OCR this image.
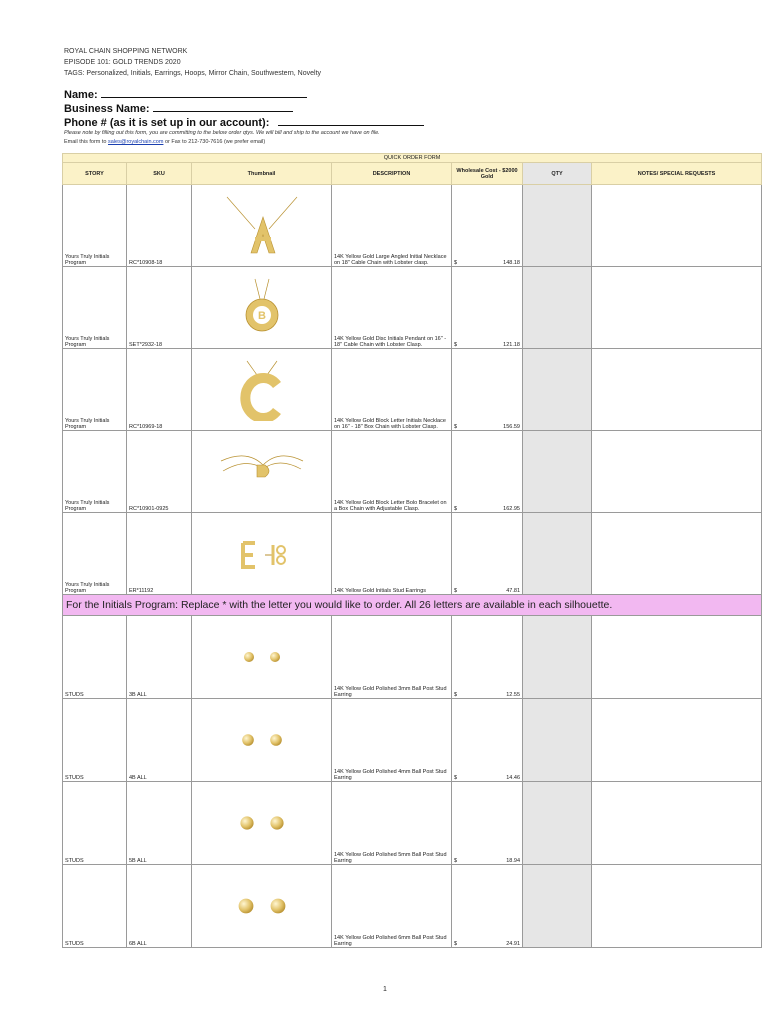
ROYAL CHAIN SHOPPING NETWORK
EPISODE 101: GOLD TRENDS 2020
TAGS: Personalized, Initials, Earrings, Hoops, Mirror Chain, Southwestern, Novelty
Name:
Business Name:
Phone # (as it is set up in our account):
Please note by filling out this form, you are committing to the below order qtys. We will bill and ship to the account we have on file.
Email this form to sales@royalchain.com or Fax to 212-730-7616 (we prefer email)
QUICK ORDER FORM						
STORY	SKU	Thumbnail	DESCRIPTION	Wholesale Cost - $2000 Gold	QTY	NOTES/ SPECIAL REQUESTS
Yours Truly Initials Program	RC*10908-18		14K Yellow Gold Large Angled Initial Necklace on 18" Cable Chain with Lobster clasp.	$ 148.18		

Yours Truly Initials Program	SET*2932-18	B	14K Yellow Gold Disc Initials Pendant on 16" - 18" Cable Chain with Lobster Clasp.	$ 121.18		

Yours Truly Initials Program	RC*10969-18		14K Yellow Gold Block Letter Initials Necklace on 16" - 18" Box Chain with Lobster Clasp.	$ 156.59		

Yours Truly Initials Program	RC*10901-0925		14K Yellow Gold Block Letter Bolo Bracelet on a Box Chain with Adjustable Clasp.	$ 162.95		

Yours Truly Initials Program	ER*11192		14K Yellow Gold Initials Stud Earrings	$ 47.81		

For the Initials Program: Replace * with the letter you would like to order. All 26 letters are available in each silhouette.						
STUDS	3B ALL		14K Yellow Gold Polished 3mm Ball Post Stud Earring	$ 12.55		

STUDS	4B ALL		14K Yellow Gold Polished 4mm Ball Post Stud Earring	$ 14.46		

STUDS	5B ALL		14K Yellow Gold Polished 5mm Ball Post Stud Earring	$ 18.94		

STUDS	6B ALL		14K Yellow Gold Polished 6mm Ball Post Stud Earring	$ 24.91		

1
